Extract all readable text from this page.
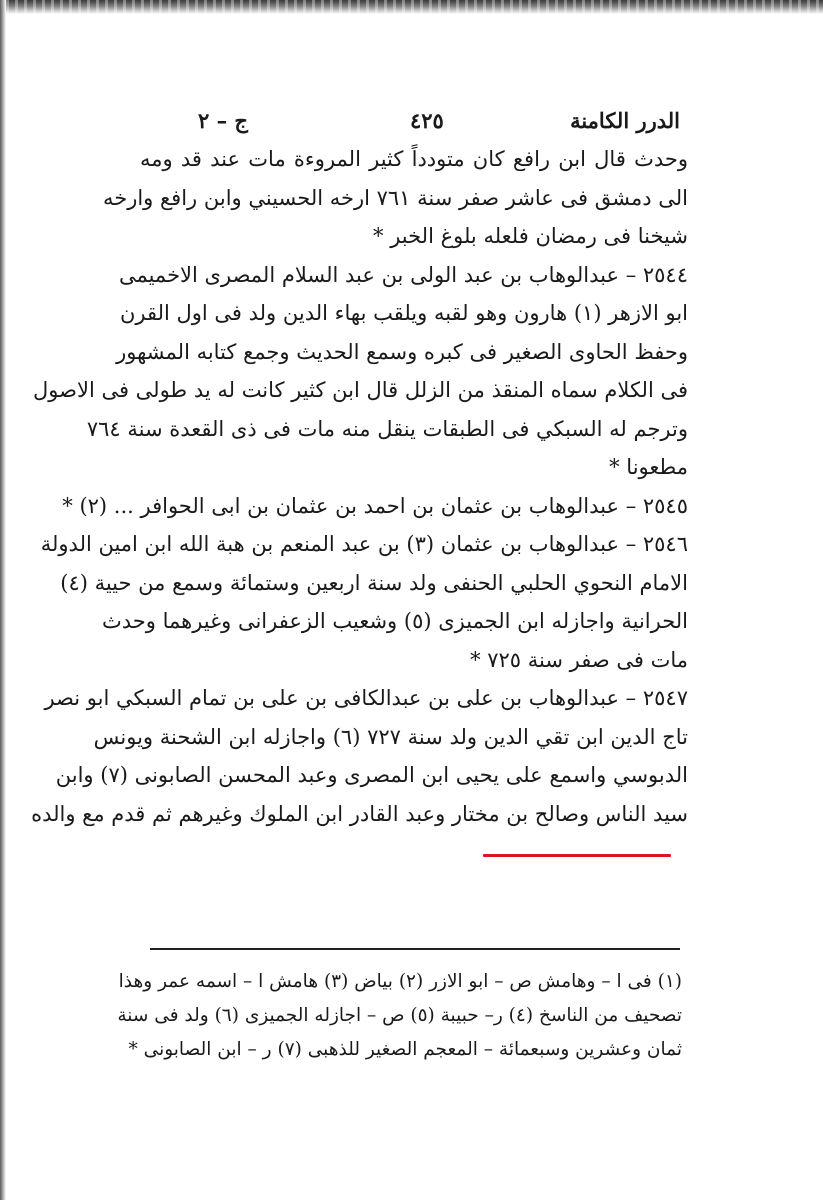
الدرر الكامنة
٤٢٥
ج – ٢
وحدث قال ابن رافع كان متودداً كثير المروءة مات عند قد ومه
الى دمشق فى عاشر صفر سنة ٧٦١ ارخه الحسيني وابن رافع وارخه
شيخنا فى رمضان فلعله بلوغ الخبر *
٢٥٤٤ – عبدالوهاب بن عبد الولى بن عبد السلام المصرى الاخميمى
ابو الازهر (١) هارون وهو لقبه ويلقب بهاء الدين ولد فى اول القرن
وحفظ الحاوى الصغير فى كبره وسمع الحديث وجمع كتابه المشهور
فى الكلام سماه المنقذ من الزلل قال ابن كثير كانت له يد طولى فى الاصول
وترجم له السبكي فى الطبقات ينقل منه مات فى ذى القعدة سنة ٧٦٤
مطعونا *
٢٥٤٥ – عبدالوهاب بن عثمان بن احمد بن عثمان بن ابى الحوافر ... (٢) *
٢٥٤٦ – عبدالوهاب بن عثمان (٣) بن عبد المنعم بن هبة الله ابن امين الدولة
الامام النحوي الحلبي الحنفى ولد سنة اربعين وستمائة وسمع من حيية (٤)
الحرانية واجازله ابن الجميزى (٥) وشعيب الزعفرانى وغيرهما وحدث
مات فى صفر سنة ٧٢٥ *
٢٥٤٧ – عبدالوهاب بن على بن عبدالكافى بن على بن تمام السبكي ابو نصر
تاج الدين ابن تقي الدين ولد سنة ٧٢٧ (٦) واجازله ابن الشحنة ويونس
الدبوسي واسمع على يحيى ابن المصرى وعبد المحسن الصابونى (٧) وابن
سيد الناس وصالح بن مختار وعبد القادر ابن الملوك وغيرهم ثم قدم مع والده
(١) فى ا – وهامش ص – ابو الازر (٢) بياض (٣) هامش ا – اسمه عمر وهذا
تصحيف من الناسخ (٤) ر– حبيبة (٥) ص – اجازله الجميزى (٦) ولد فى سنة
ثمان وعشرين وسبعمائة – المعجم الصغير للذهبى (٧) ر – ابن الصابونى *
